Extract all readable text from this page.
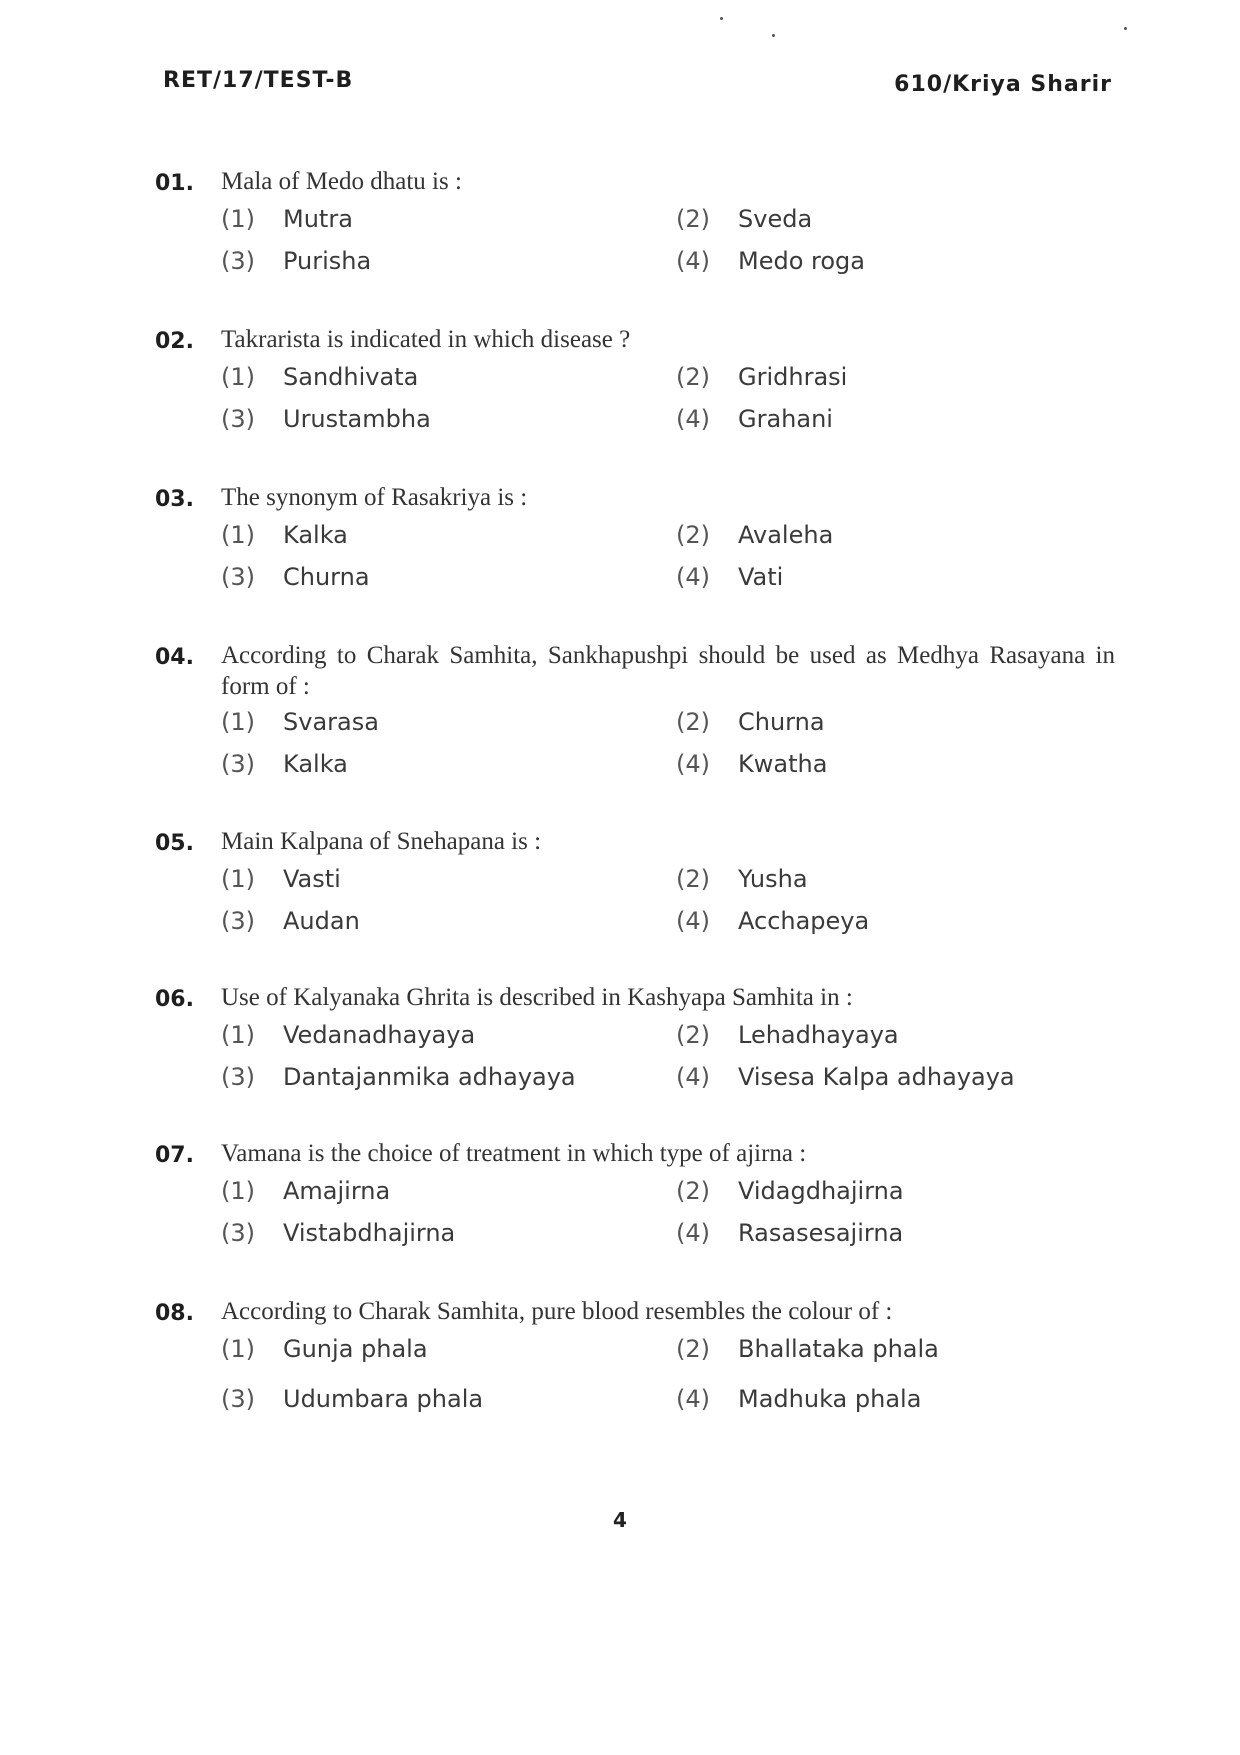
RET/17/TEST-B	610/Kriya Sharir
01.	Mala of Medo dhatu is :
(1)	Mutra	(2)	Sveda
(3)	Purisha	(4)	Medo roga
02.	Takrarista is indicated in which disease ?
(1)	Sandhivata	(2)	Gridhrasi
(3)	Urustambha	(4)	Grahani
03.	The synonym of Rasakriya is :
(1)	Kalka	(2)	Avaleha
(3)	Churna	(4)	Vati
04.	According to Charak Samhita, Sankhapushpi should be used as Medhya Rasayana in form of :
(1)	Svarasa	(2)	Churna
(3)	Kalka	(4)	Kwatha
05.	Main Kalpana of Snehapana is :
(1)	Vasti	(2)	Yusha
(3)	Audan	(4)	Acchapeya
06.	Use of Kalyanaka Ghrita is described in Kashyapa Samhita in :
(1)	Vedanadhayaya	(2)	Lehadhayaya
(3)	Dantajanmika adhayaya	(4)	Visesa Kalpa adhayaya
07.	Vamana is the choice of treatment in which type of ajirna :
(1)	Amajirna	(2)	Vidagdhajirna
(3)	Vistabdhajirna	(4)	Rasasesajirna
08.	According to Charak Samhita, pure blood resembles the colour of :
(1)	Gunja phala	(2)	Bhallataka phala
(3)	Udumbara phala	(4)	Madhuka phala
4
